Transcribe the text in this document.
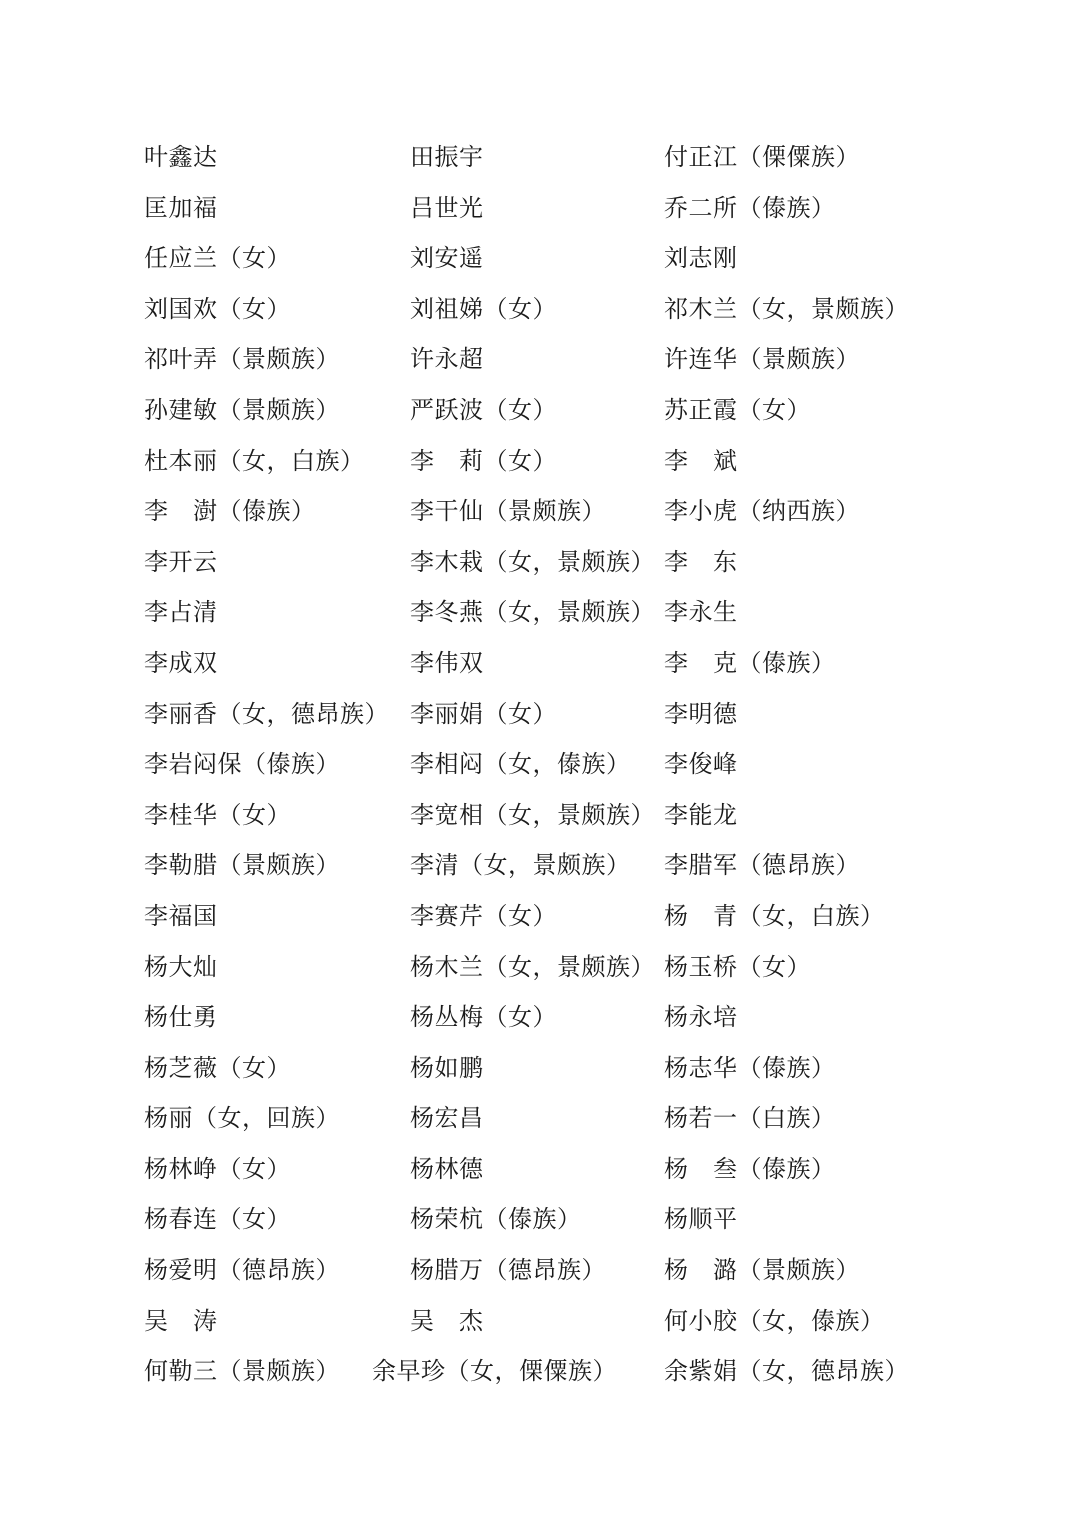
叶鑫达	田振宇	付正江（傈僳族）
匡加福	吕世光	乔二所（傣族）
任应兰（女）	刘安遥	刘志刚
刘国欢（女）	刘祖娣（女）	祁木兰（女，景颇族）
祁叶弄（景颇族）	许永超	许连华（景颇族）
孙建敏（景颇族）	严跃波（女）	苏正霞（女）
杜本丽（女，白族） 李　莉（女）	李　斌
李　澍（傣族）	李干仙（景颇族） 李小虎（纳西族）
李开云	李木栽（女，景颇族） 李　东
李占清	李冬燕（女，景颇族） 李永生
李成双	李伟双	李　克（傣族）
李丽香（女，德昂族） 李丽娟（女）	李明德
李岩闷保（傣族）	李相闷（女，傣族） 李俊峰
李桂华（女）	李宽相（女，景颇族） 李能龙
李勒腊（景颇族）	李清（女，景颇族） 李腊军（德昂族）
李福国	李赛芹（女）	杨　青（女，白族）
杨大灿	杨木兰（女，景颇族） 杨玉桥（女）
杨仕勇	杨丛梅（女）	杨永培
杨芝薇（女）	杨如鹏	杨志华（傣族）
杨丽（女，回族）	杨宏昌	杨若一（白族）
杨林峥（女）	杨林德	杨　叁（傣族）
杨春连（女）	杨荣杭（傣族）	杨顺平
杨爱明（德昂族）	杨腊万（德昂族） 杨　潞（景颇族）
吴　涛	吴　杰	何小胶（女，傣族）
何勒三（景颇族） 余早珍（女，傈僳族） 余紫娟（女，德昂族）
